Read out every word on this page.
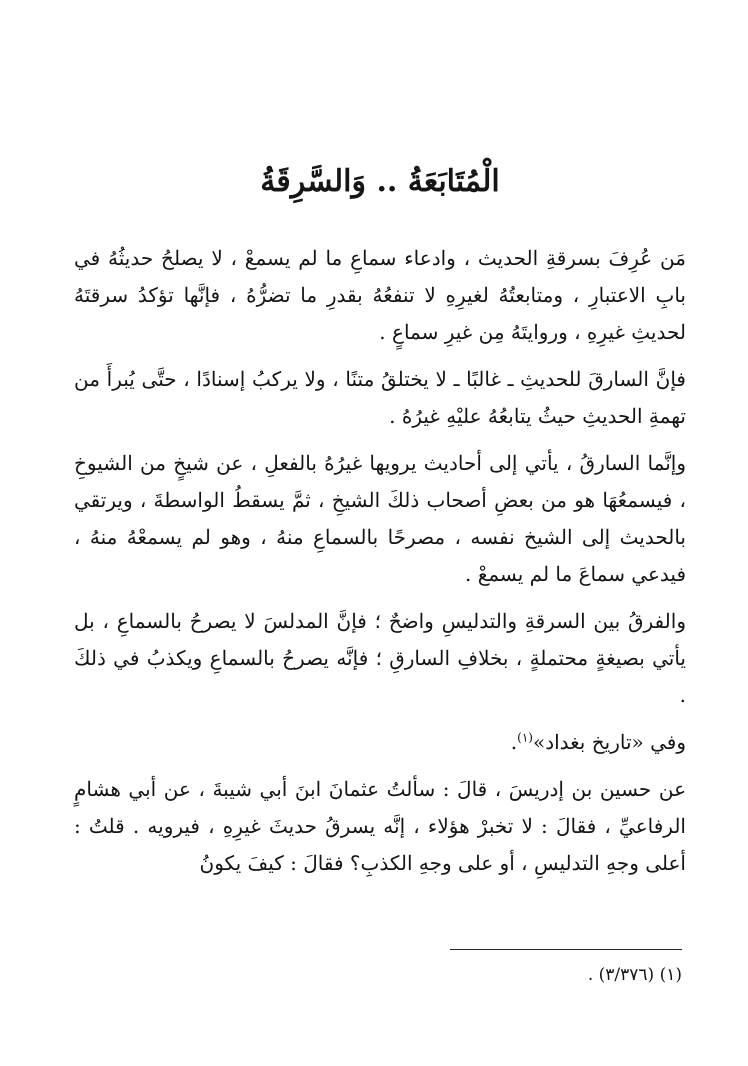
الْمُتَابَعَةُ .. وَالسَّرِقَةُ

مَن عُرِفَ بسرقةِ الحديث ، وادعاء سماعِ ما لم يسمعْ ، لا يصلحُ حديثُهُ في بابِ الاعتبارِ ، ومتابعتُهُ لغيرِهِ لا تنفعُهُ بقدرِ ما تضرُّهُ ، فإنَّها تؤكدُ سرقتَهُ لحديثِ غيرِهِ ، وروايتَهُ مِن غيرِ سماعٍ .

فإنَّ السارقَ للحديثِ ـ غالبًا ـ لا يختلقُ متنًا ، ولا يركبُ إسنادًا ، حتَّى يُبرأَ من تهمةِ الحديثِ حيثُ يتابعُهُ عليْهِ غيرُهُ .

وإنَّما السارقُ ، يأتي إلى أحاديث يرويها غيرُهُ بالفعلِ ، عن شيخٍ من الشيوخِ ، فيسمعُهَا هو من بعضِ أصحاب ذلكَ الشيخِ ، ثمَّ يسقطُ الواسطةَ ، ويرتقي بالحديث إلى الشيخ نفسه ، مصرحًا بالسماعِ منهُ ، وهو لم يسمعْهُ منهُ ، فيدعي سماعَ ما لم يسمعْ .

والفرقُ بين السرقةِ والتدليسِ واضحٌ ؛ فإنَّ المدلسَ لا يصرحُ بالسماعِ ، بل يأتي بصيغةٍ محتملةٍ ، بخلافِ السارقِ ؛ فإنَّه يصرحُ بالسماعِ ويكذبُ في ذلكَ .

وفي «تاريخ بغداد»$^{(١)}$.

عن حسين بن إدريسَ ، قالَ : سألتُ عثمانَ ابنَ أبي شيبةَ ، عن أبي هشامٍ الرفاعيِّ ، فقالَ : لا تخبرْ هؤلاء ، إنَّه يسرقُ حديثَ غيرِهِ ، فيرويه . قلتُ : أعلى وجهِ التدليسِ ، أو على وجهِ الكذبِ؟ فقالَ : كيفَ يكونُ

(١) (٣/٣٧٦) .
